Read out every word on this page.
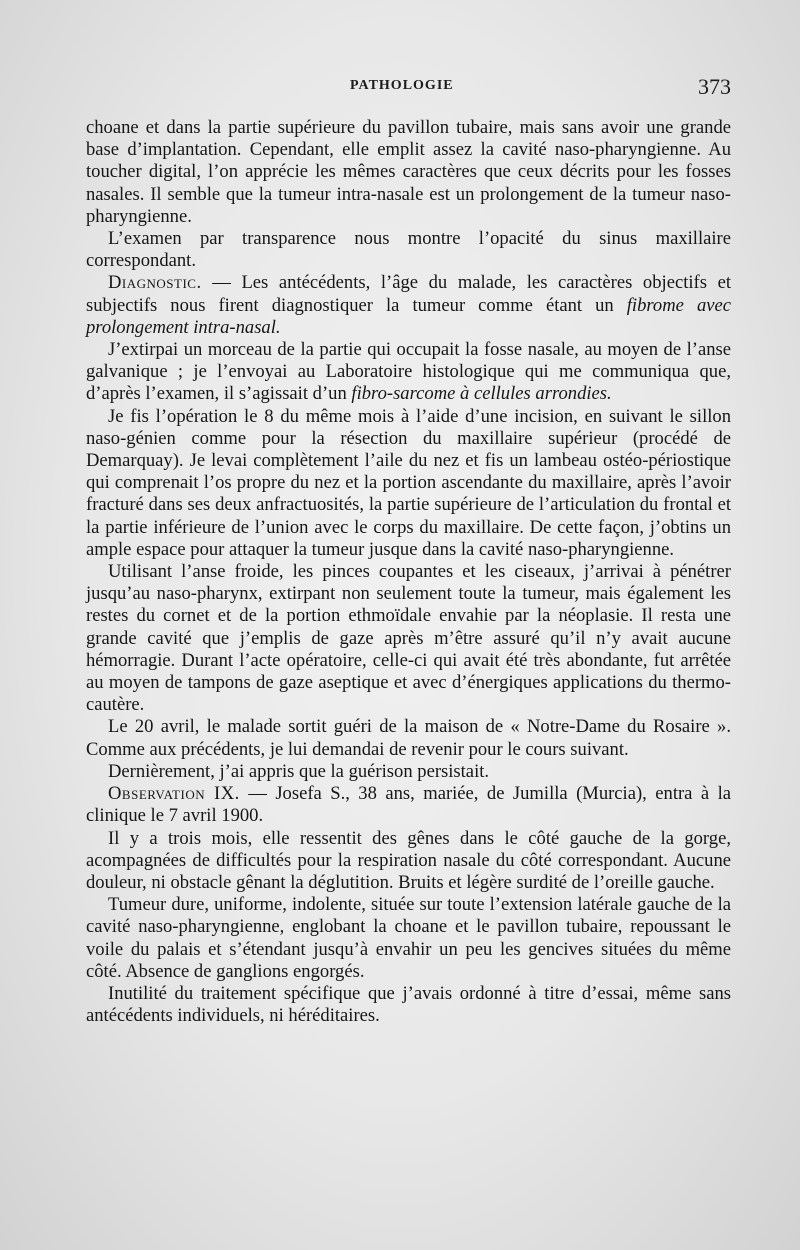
PATHOLOGIE	373

choane et dans la partie supérieure du pavillon tubaire, mais sans avoir une grande base d’implantation. Cependant, elle emplit assez la cavité naso-pharyngienne. Au toucher digital, l’on apprécie les mêmes caractères que ceux décrits pour les fosses nasales. Il semble que la tumeur intra-nasale est un prolongement de la tumeur naso-pharyngienne.

L’examen par transparence nous montre l’opacité du sinus maxillaire correspondant.

Diagnostic. — Les antécédents, l’âge du malade, les caractères objectifs et subjectifs nous firent diagnostiquer la tumeur comme étant un fibrome avec prolongement intra-nasal.

J’extirpai un morceau de la partie qui occupait la fosse nasale, au moyen de l’anse galvanique ; je l’envoyai au Laboratoire histologique qui me communiqua que, d’après l’examen, il s’agissait d’un fibro-sarcome à cellules arrondies.

Je fis l’opération le 8 du même mois à l’aide d’une incision, en suivant le sillon naso-génien comme pour la résection du maxillaire supérieur (procédé de Demarquay). Je levai complètement l’aile du nez et fis un lambeau ostéo-périostique qui comprenait l’os propre du nez et la portion ascendante du maxillaire, après l’avoir fracturé dans ses deux anfractuosités, la partie supérieure de l’articulation du frontal et la partie inférieure de l’union avec le corps du maxillaire. De cette façon, j’obtins un ample espace pour attaquer la tumeur jusque dans la cavité naso-pharyngienne.

Utilisant l’anse froide, les pinces coupantes et les ciseaux, j’arrivai à pénétrer jusqu’au naso-pharynx, extirpant non seulement toute la tumeur, mais également les restes du cornet et de la portion ethmoïdale envahie par la néoplasie. Il resta une grande cavité que j’emplis de gaze après m’être assuré qu’il n’y avait aucune hémorragie. Durant l’acte opératoire, celle-ci qui avait été très abondante, fut arrêtée au moyen de tampons de gaze aseptique et avec d’énergiques applications du thermo-cautère.

Le 20 avril, le malade sortit guéri de la maison de « Notre-Dame du Rosaire ». Comme aux précédents, je lui demandai de revenir pour le cours suivant.

Dernièrement, j’ai appris que la guérison persistait.

Observation IX. — Josefa S., 38 ans, mariée, de Jumilla (Murcia), entra à la clinique le 7 avril 1900.

Il y a trois mois, elle ressentit des gênes dans le côté gauche de la gorge, acompagnées de difficultés pour la respiration nasale du côté correspondant. Aucune douleur, ni obstacle gênant la déglutition. Bruits et légère surdité de l’oreille gauche.

Tumeur dure, uniforme, indolente, située sur toute l’extension latérale gauche de la cavité naso-pharyngienne, englobant la choane et le pavillon tubaire, repoussant le voile du palais et s’étendant jusqu’à envahir un peu les gencives situées du même côté. Absence de ganglions engorgés.

Inutilité du traitement spécifique que j’avais ordonné à titre d’essai, même sans antécédents individuels, ni héréditaires.
